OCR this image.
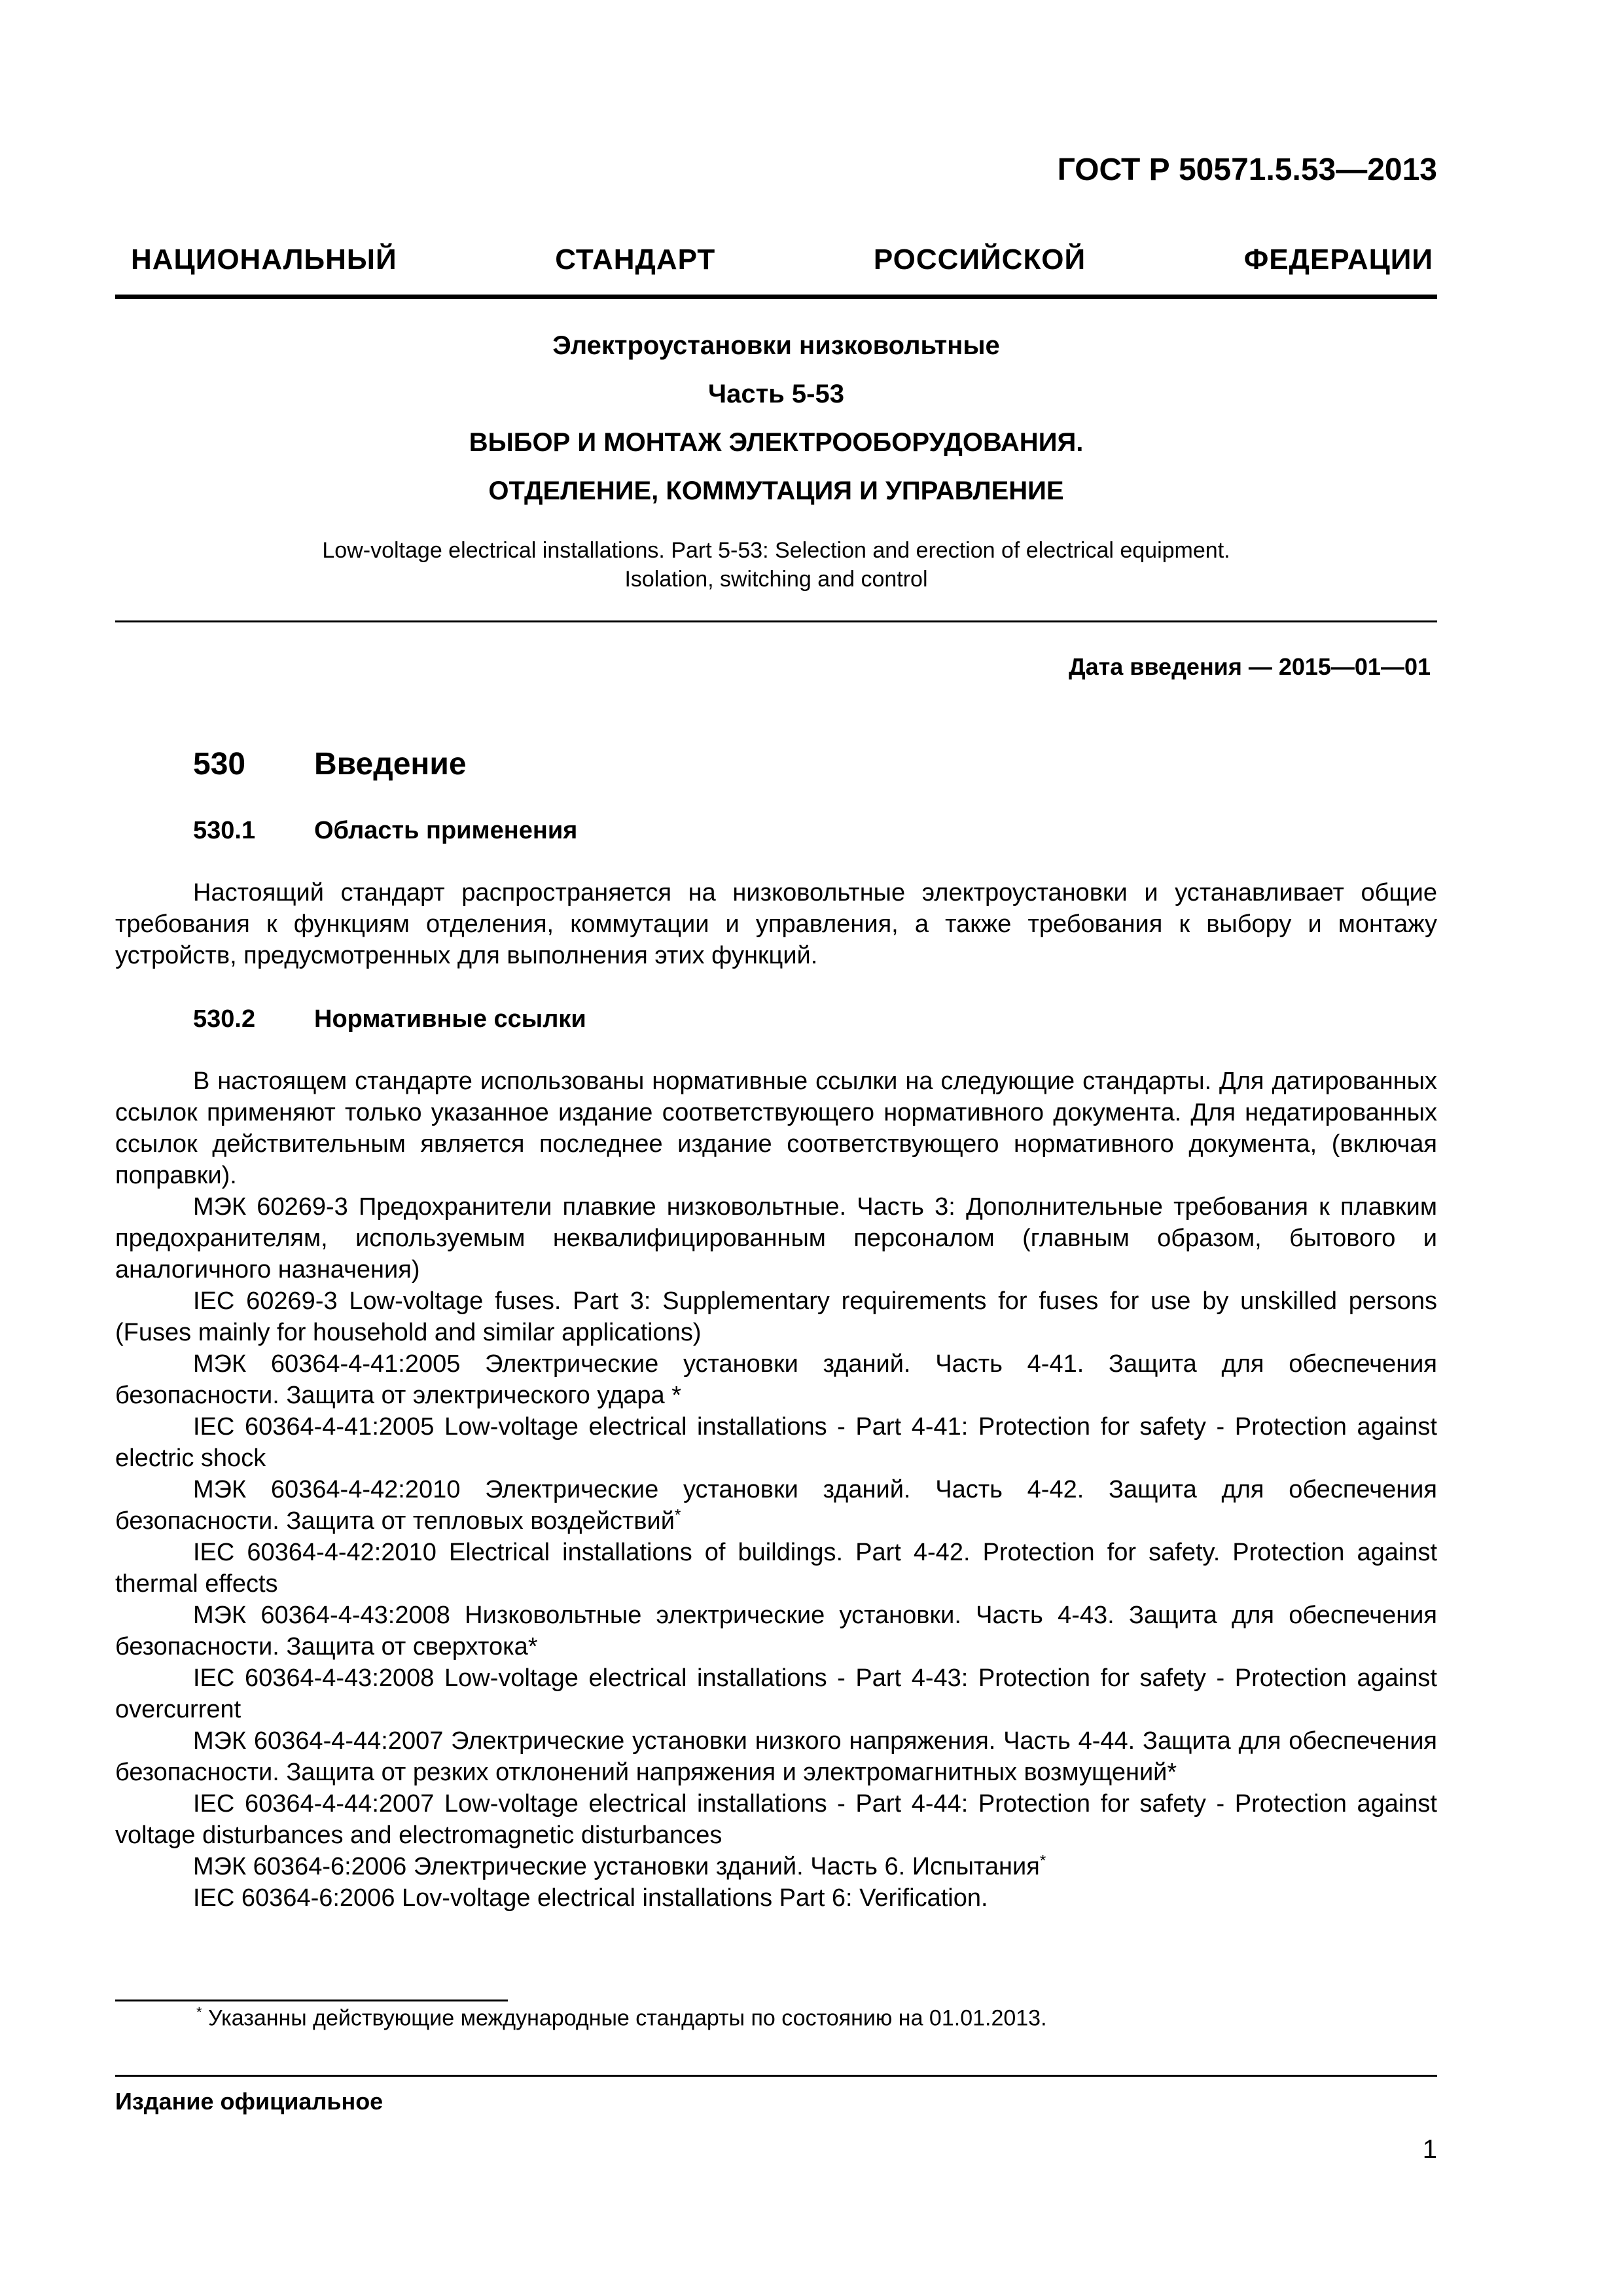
ГОСТ Р 50571.5.53—2013
НАЦИОНАЛЬНЫЙ СТАНДАРТ РОССИЙСКОЙ ФЕДЕРАЦИИ
Электроустановки низковольтные
Часть 5-53
ВЫБОР И МОНТАЖ ЭЛЕКТРООБОРУДОВАНИЯ.
ОТДЕЛЕНИЕ, КОММУТАЦИЯ И УПРАВЛЕНИЕ
Low-voltage electrical installations. Part 5-53: Selection and erection of electrical equipment.
Isolation, switching and control
Дата введения — 2015—01—01
530 Введение
530.1 Область применения

Настоящий стандарт распространяется на низковольтные электроустановки и устанавливает общие требования к функциям отделения, коммутации и управления, а также требования к выбору и монтажу устройств, предусмотренных для выполнения этих функций.

530.2 Нормативные ссылки

В настоящем стандарте использованы нормативные ссылки на следующие стандарты. Для датированных ссылок применяют только указанное издание соответствующего нормативного документа. Для недатированных ссылок действительным является последнее издание соответствующего нормативного документа, (включая поправки).

МЭК 60269-3 Предохранители плавкие низковольтные. Часть 3: Дополнительные требования к плавким предохранителям, используемым неквалифицированным персоналом (главным образом, бытового и аналогичного назначения)

IEC 60269-3 Low-voltage fuses. Part 3: Supplementary requirements for fuses for use by unskilled persons (Fuses mainly for household and similar applications)

МЭК 60364-4-41:2005 Электрические установки зданий. Часть 4-41. Защита для обеспечения безопасности. Защита от электрического удара *

IEC 60364-4-41:2005 Low-voltage electrical installations - Part 4-41: Protection for safety - Protection against electric shock

МЭК 60364-4-42:2010 Электрические установки зданий. Часть 4-42. Защита для обеспечения безопасности. Защита от тепловых воздействий*

IEC 60364-4-42:2010 Electrical installations of buildings. Part 4-42. Protection for safety. Protection against thermal effects

МЭК 60364-4-43:2008 Низковольтные электрические установки. Часть 4-43. Защита для обеспечения безопасности. Защита от сверхтока*

IEC 60364-4-43:2008 Low-voltage electrical installations - Part 4-43: Protection for safety - Protection against overcurrent

МЭК 60364-4-44:2007 Электрические установки низкого напряжения. Часть 4-44. Защита для обеспечения безопасности. Защита от резких отклонений напряжения и электромагнитных возмущений*

IEC 60364-4-44:2007 Low-voltage electrical installations - Part 4-44: Protection for safety - Protection against voltage disturbances and electromagnetic disturbances

МЭК 60364-6:2006 Электрические установки зданий. Часть 6. Испытания*

IEC 60364-6:2006 Lov-voltage electrical installations Part 6: Verification.

* Указанны действующие международные стандарты по состоянию на 01.01.2013.
Издание официальное
1
